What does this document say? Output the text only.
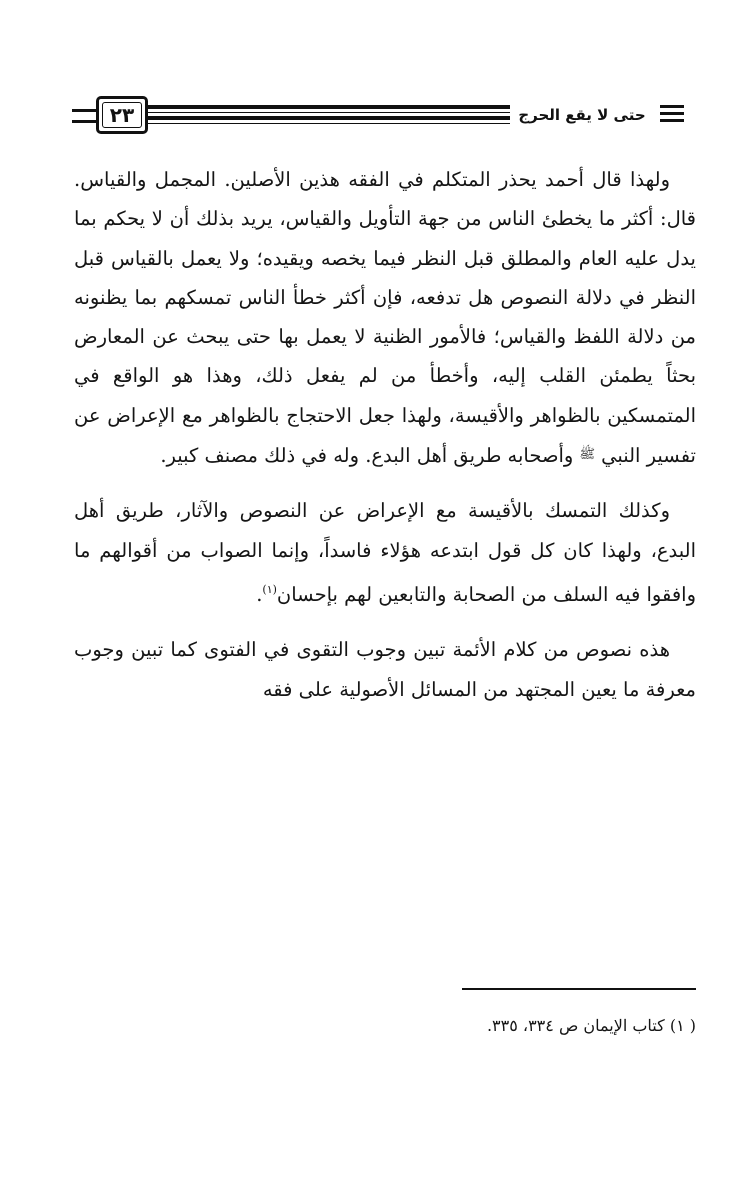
٢٣	حتى لا يقع الحرج

ولهذا قال أحمد يحذر المتكلم في الفقه هذين الأصلين. المجمل والقياس. قال: أكثر ما يخطئ الناس من جهة التأويل والقياس، يريد بذلك أن لا يحكم بما يدل عليه العام والمطلق قبل النظر فيما يخصه ويقيده؛ ولا يعمل بالقياس قبل النظر في دلالة النصوص هل تدفعه، فإن أكثر خطأ الناس تمسكهم بما يظنونه من دلالة اللفظ والقياس؛ فالأمور الظنية لا يعمل بها حتى يبحث عن المعارض بحثاً يطمئن القلب إليه، وأخطأ من لم يفعل ذلك، وهذا هو الواقع في المتمسكين بالظواهر والأقيسة، ولهذا جعل الاحتجاج بالظواهر مع الإعراض عن تفسير النبي$^ﷺ$وأصحابه طريق أهل البدع. وله في ذلك مصنف كبير.

وكذلك التمسك بالأقيسة مع الإعراض عن النصوص والآثار، طريق أهل البدع، ولهذا كان كل قول ابتدعه هؤلاء فاسداً، وإنما الصواب من أقوالهم ما وافقوا فيه السلف من الصحابة والتابعين لهم بإحسان$^{(١)}$.

هذه نصوص من كلام الأئمة تبين وجوب التقوى في الفتوى كما تبين وجوب معرفة ما يعين المجتهد من المسائل الأصولية على فقه

( ١) كتاب الإيمان ص ٣٣٤، ٣٣٥.
